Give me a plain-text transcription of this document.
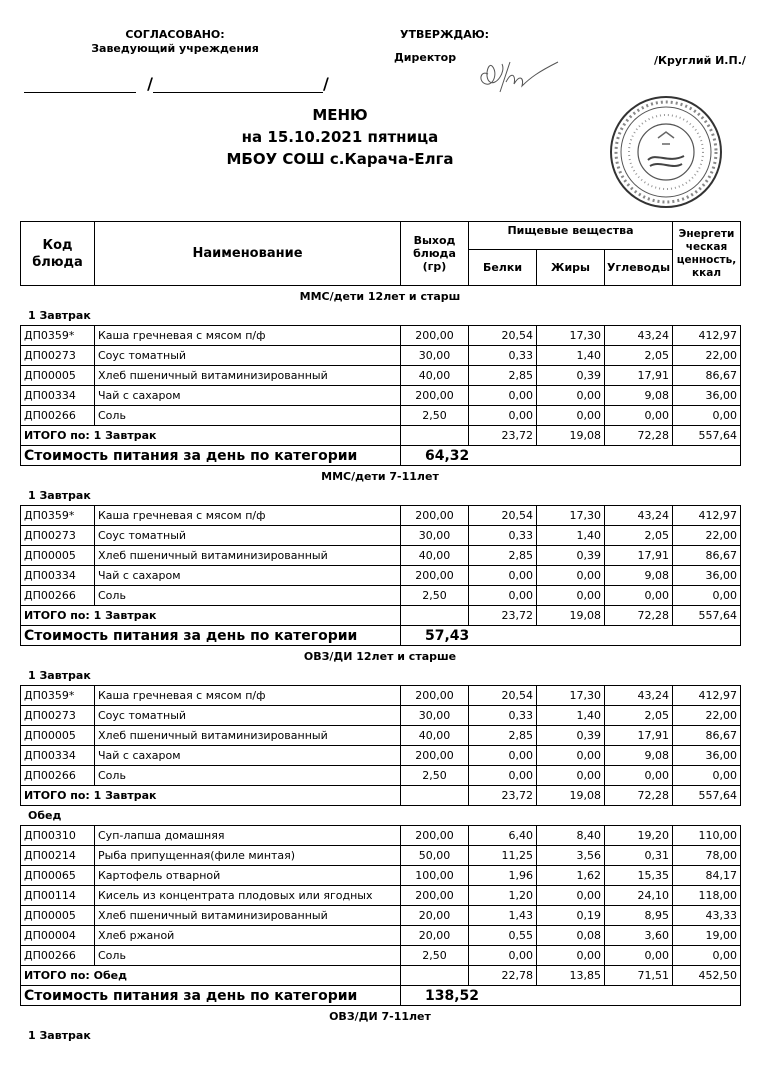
СОГЛАСОВАНО:
Заведующий учреждения
/	/
УТВЕРЖДАЮ:
Директор	/Круглий И.П./
МЕНЮ
на 15.10.2021 пятница
МБОУ СОШ с.Карача-Елга
Код блюда	Наименование	Выход блюда (гр)	Пищевые вещества			Энергети ческая ценность, ккал
			Белки	Жиры	Углеводы	
ММС/дети 12лет и старш
1 Завтрак
ДП0359*	Каша гречневая с мясом п/ф	200,00	20,54	17,30	43,24	412,97
ДП00273	Соус томатный	30,00	0,33	1,40	2,05	22,00
ДП00005	Хлеб пшеничный витаминизированный	40,00	2,85	0,39	17,91	86,67
ДП00334	Чай с сахаром	200,00	0,00	0,00	9,08	36,00
ДП00266	Соль	2,50	0,00	0,00	0,00	0,00
ИТОГО по: 1 Завтрак			23,72	19,08	72,28	557,64
Стоимость питания за день по категории		64,32				
ММС/дети 7-11лет
1 Завтрак
ДП0359*	Каша гречневая с мясом п/ф	200,00	20,54	17,30	43,24	412,97
ДП00273	Соус томатный	30,00	0,33	1,40	2,05	22,00
ДП00005	Хлеб пшеничный витаминизированный	40,00	2,85	0,39	17,91	86,67
ДП00334	Чай с сахаром	200,00	0,00	0,00	9,08	36,00
ДП00266	Соль	2,50	0,00	0,00	0,00	0,00
ИТОГО по: 1 Завтрак			23,72	19,08	72,28	557,64
Стоимость питания за день по категории		57,43				
ОВЗ/ДИ 12лет и старше
1 Завтрак
ДП0359*	Каша гречневая с мясом п/ф	200,00	20,54	17,30	43,24	412,97
ДП00273	Соус томатный	30,00	0,33	1,40	2,05	22,00
ДП00005	Хлеб пшеничный витаминизированный	40,00	2,85	0,39	17,91	86,67
ДП00334	Чай с сахаром	200,00	0,00	0,00	9,08	36,00
ДП00266	Соль	2,50	0,00	0,00	0,00	0,00
ИТОГО по: 1 Завтрак			23,72	19,08	72,28	557,64
Обед
ДП00310	Суп-лапша домашняя	200,00	6,40	8,40	19,20	110,00
ДП00214	Рыба припущенная(филе минтая)	50,00	11,25	3,56	0,31	78,00
ДП00065	Картофель отварной	100,00	1,96	1,62	15,35	84,17
ДП00114	Кисель из концентрата плодовых или ягодных	200,00	1,20	0,00	24,10	118,00
ДП00005	Хлеб пшеничный витаминизированный	20,00	1,43	0,19	8,95	43,33
ДП00004	Хлеб ржаной	20,00	0,55	0,08	3,60	19,00
ДП00266	Соль	2,50	0,00	0,00	0,00	0,00
ИТОГО по: Обед			22,78	13,85	71,51	452,50
Стоимость питания за день по категории		138,52				
ОВЗ/ДИ 7-11лет
1 Завтрак
